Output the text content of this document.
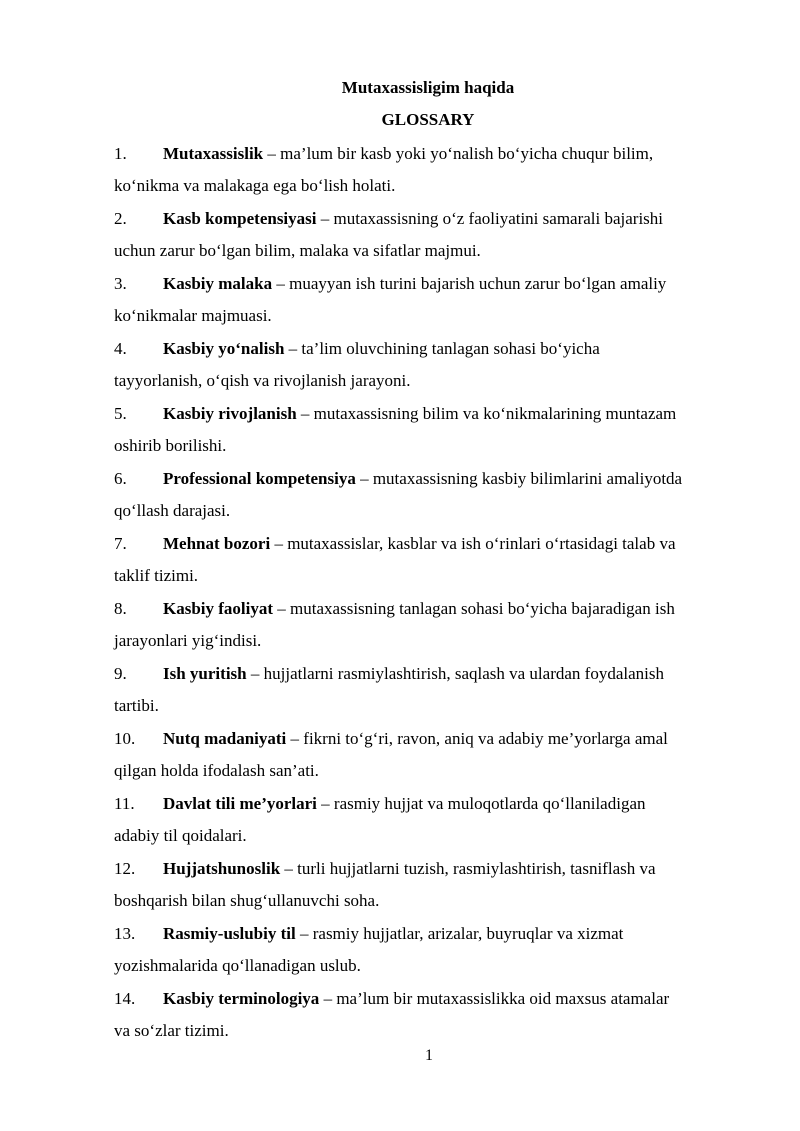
Mutaxassisligim haqida

GLOSSARY

1.	Mutaxassislik – ma’lum bir kasb yoki yo‘nalish bo‘yicha chuqur bilim,
ko‘nikma va malakaga ega bo‘lish holati.
2.	Kasb kompetensiyasi – mutaxassisning o‘z faoliyatini samarali bajarishi
uchun zarur bo‘lgan bilim, malaka va sifatlar majmui.
3.	Kasbiy malaka – muayyan ish turini bajarish uchun zarur bo‘lgan amaliy
ko‘nikmalar majmuasi.
4.	Kasbiy yo‘nalish – ta’lim oluvchining tanlagan sohasi bo‘yicha
tayyorlanish, o‘qish va rivojlanish jarayoni.
5.	Kasbiy rivojlanish – mutaxassisning bilim va ko‘nikmalarining muntazam
oshirib borilishi.
6.	Professional kompetensiya – mutaxassisning kasbiy bilimlarini amaliyotda
qo‘llash darajasi.
7.	Mehnat bozori – mutaxassislar, kasblar va ish o‘rinlari o‘rtasidagi talab va
taklif tizimi.
8.	Kasbiy faoliyat – mutaxassisning tanlagan sohasi bo‘yicha bajaradigan ish
jarayonlari yig‘indisi.
9.	Ish yuritish – hujjatlarni rasmiylashtirish, saqlash va ulardan foydalanish
tartibi.
10.	Nutq madaniyati – fikrni to‘g‘ri, ravon, aniq va adabiy me’yorlarga amal
qilgan holda ifodalash san’ati.
11.	Davlat tili me’yorlari – rasmiy hujjat va muloqotlarda qo‘llaniladigan
adabiy til qoidalari.
12.	Hujjatshunoslik – turli hujjatlarni tuzish, rasmiylashtirish, tasniflash va
boshqarish bilan shug‘ullanuvchi soha.
13.	Rasmiy-uslubiy til – rasmiy hujjatlar, arizalar, buyruqlar va xizmat
yozishmalarida qo‘llanadigan uslub.
14.	Kasbiy terminologiya – ma’lum bir mutaxassislikka oid maxsus atamalar
va so‘zlar tizimi.
1
